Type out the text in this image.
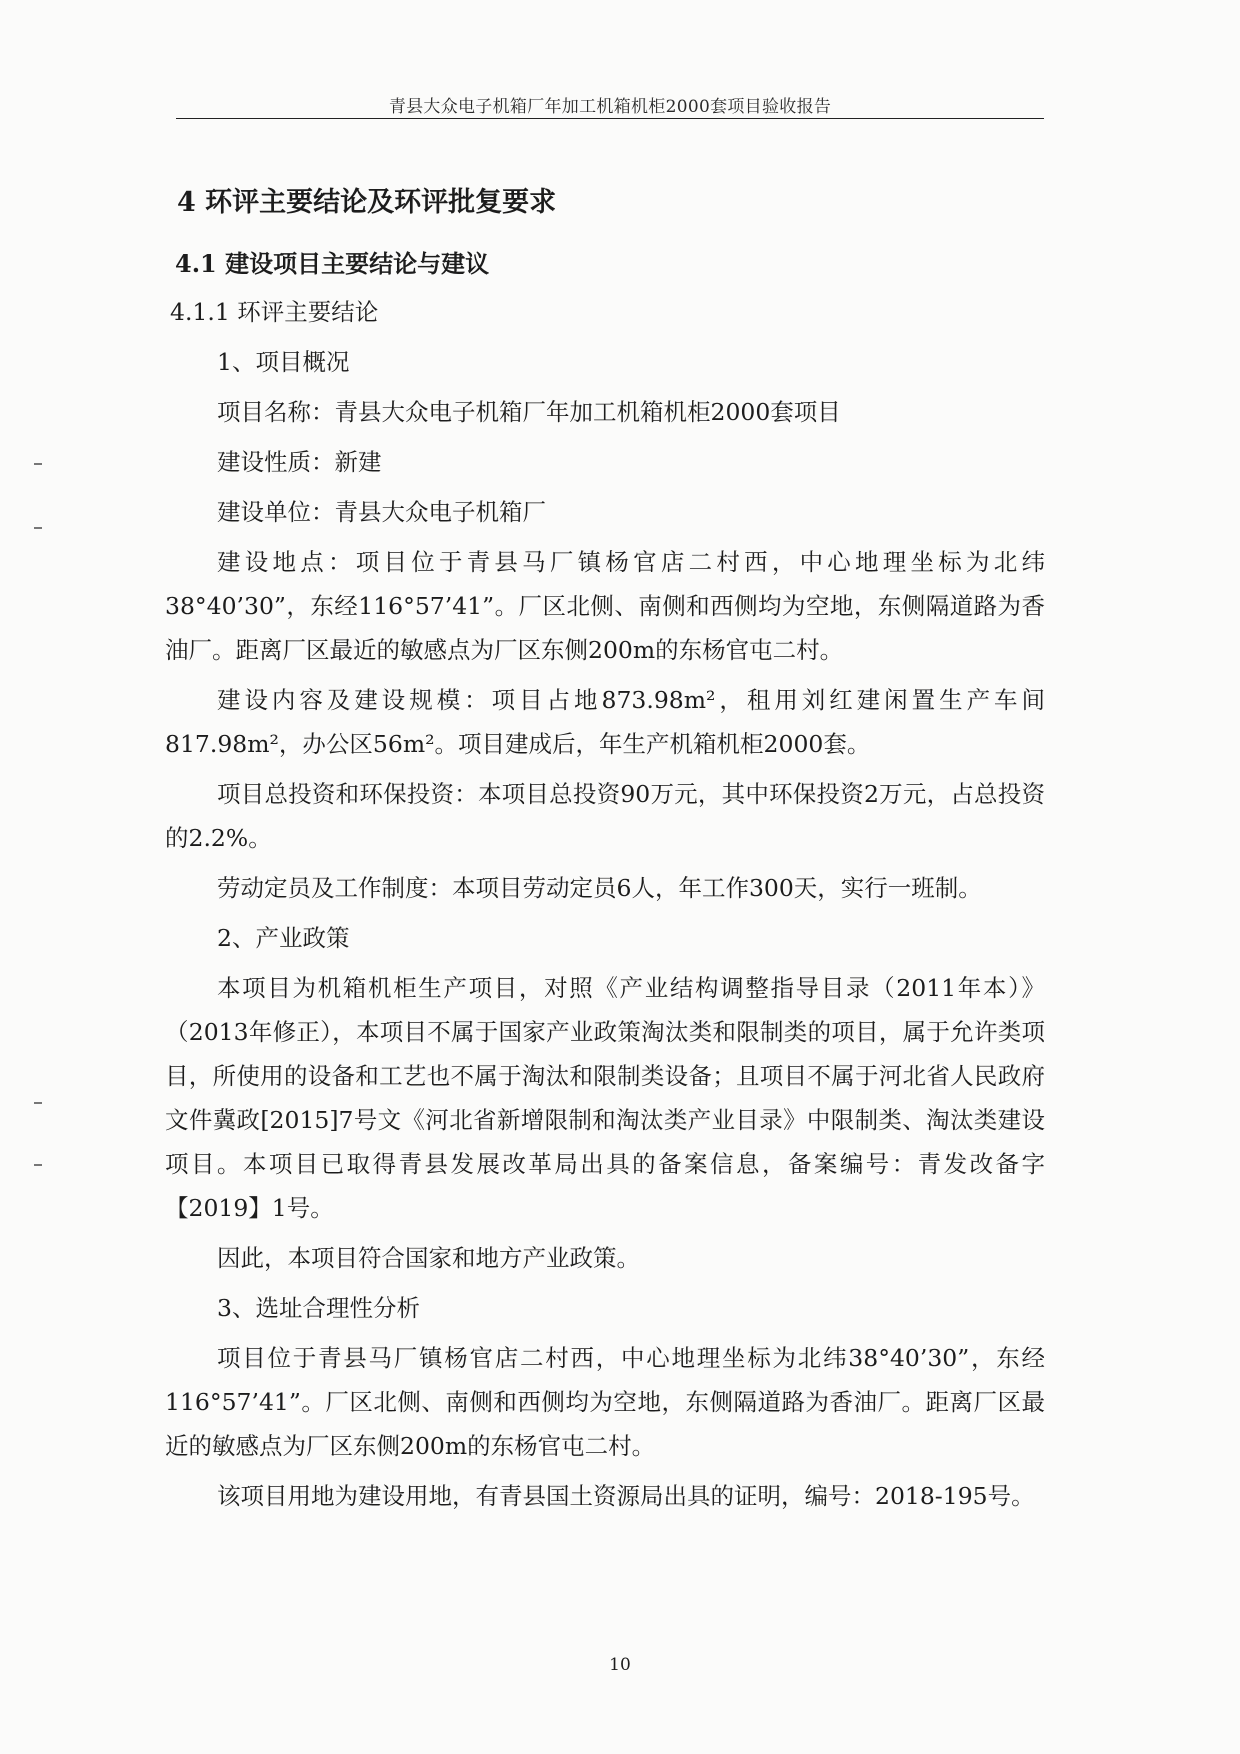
青县大众电子机箱厂年加工机箱机柜2000套项目验收报告
4 环评主要结论及环评批复要求
4.1 建设项目主要结论与建议
4.1.1 环评主要结论
1、项目概况
项目名称：青县大众电子机箱厂年加工机箱机柜2000套项目
建设性质：新建
建设单位：青县大众电子机箱厂
建设地点：项目位于青县马厂镇杨官店二村西，中心地理坐标为北纬38°40’30”，东经116°57’41”。厂区北侧、南侧和西侧均为空地，东侧隔道路为香油厂。距离厂区最近的敏感点为厂区东侧200m的东杨官屯二村。
建设内容及建设规模：项目占地873.98m²，租用刘红建闲置生产车间817.98m²，办公区56m²。项目建成后，年生产机箱机柜2000套。
项目总投资和环保投资：本项目总投资90万元，其中环保投资2万元，占总投资的2.2%。
劳动定员及工作制度：本项目劳动定员6人，年工作300天，实行一班制。
2、产业政策
本项目为机箱机柜生产项目，对照《产业结构调整指导目录（2011年本）》（2013年修正），本项目不属于国家产业政策淘汰类和限制类的项目，属于允许类项目，所使用的设备和工艺也不属于淘汰和限制类设备；且项目不属于河北省人民政府文件冀政[2015]7号文《河北省新增限制和淘汰类产业目录》中限制类、淘汰类建设项目。本项目已取得青县发展改革局出具的备案信息，备案编号：青发改备字【2019】1号。
因此，本项目符合国家和地方产业政策。
3、选址合理性分析
项目位于青县马厂镇杨官店二村西，中心地理坐标为北纬38°40’30”，东经116°57’41”。厂区北侧、南侧和西侧均为空地，东侧隔道路为香油厂。距离厂区最近的敏感点为厂区东侧200m的东杨官屯二村。
该项目用地为建设用地，有青县国土资源局出具的证明，编号：2018-195号。
10
